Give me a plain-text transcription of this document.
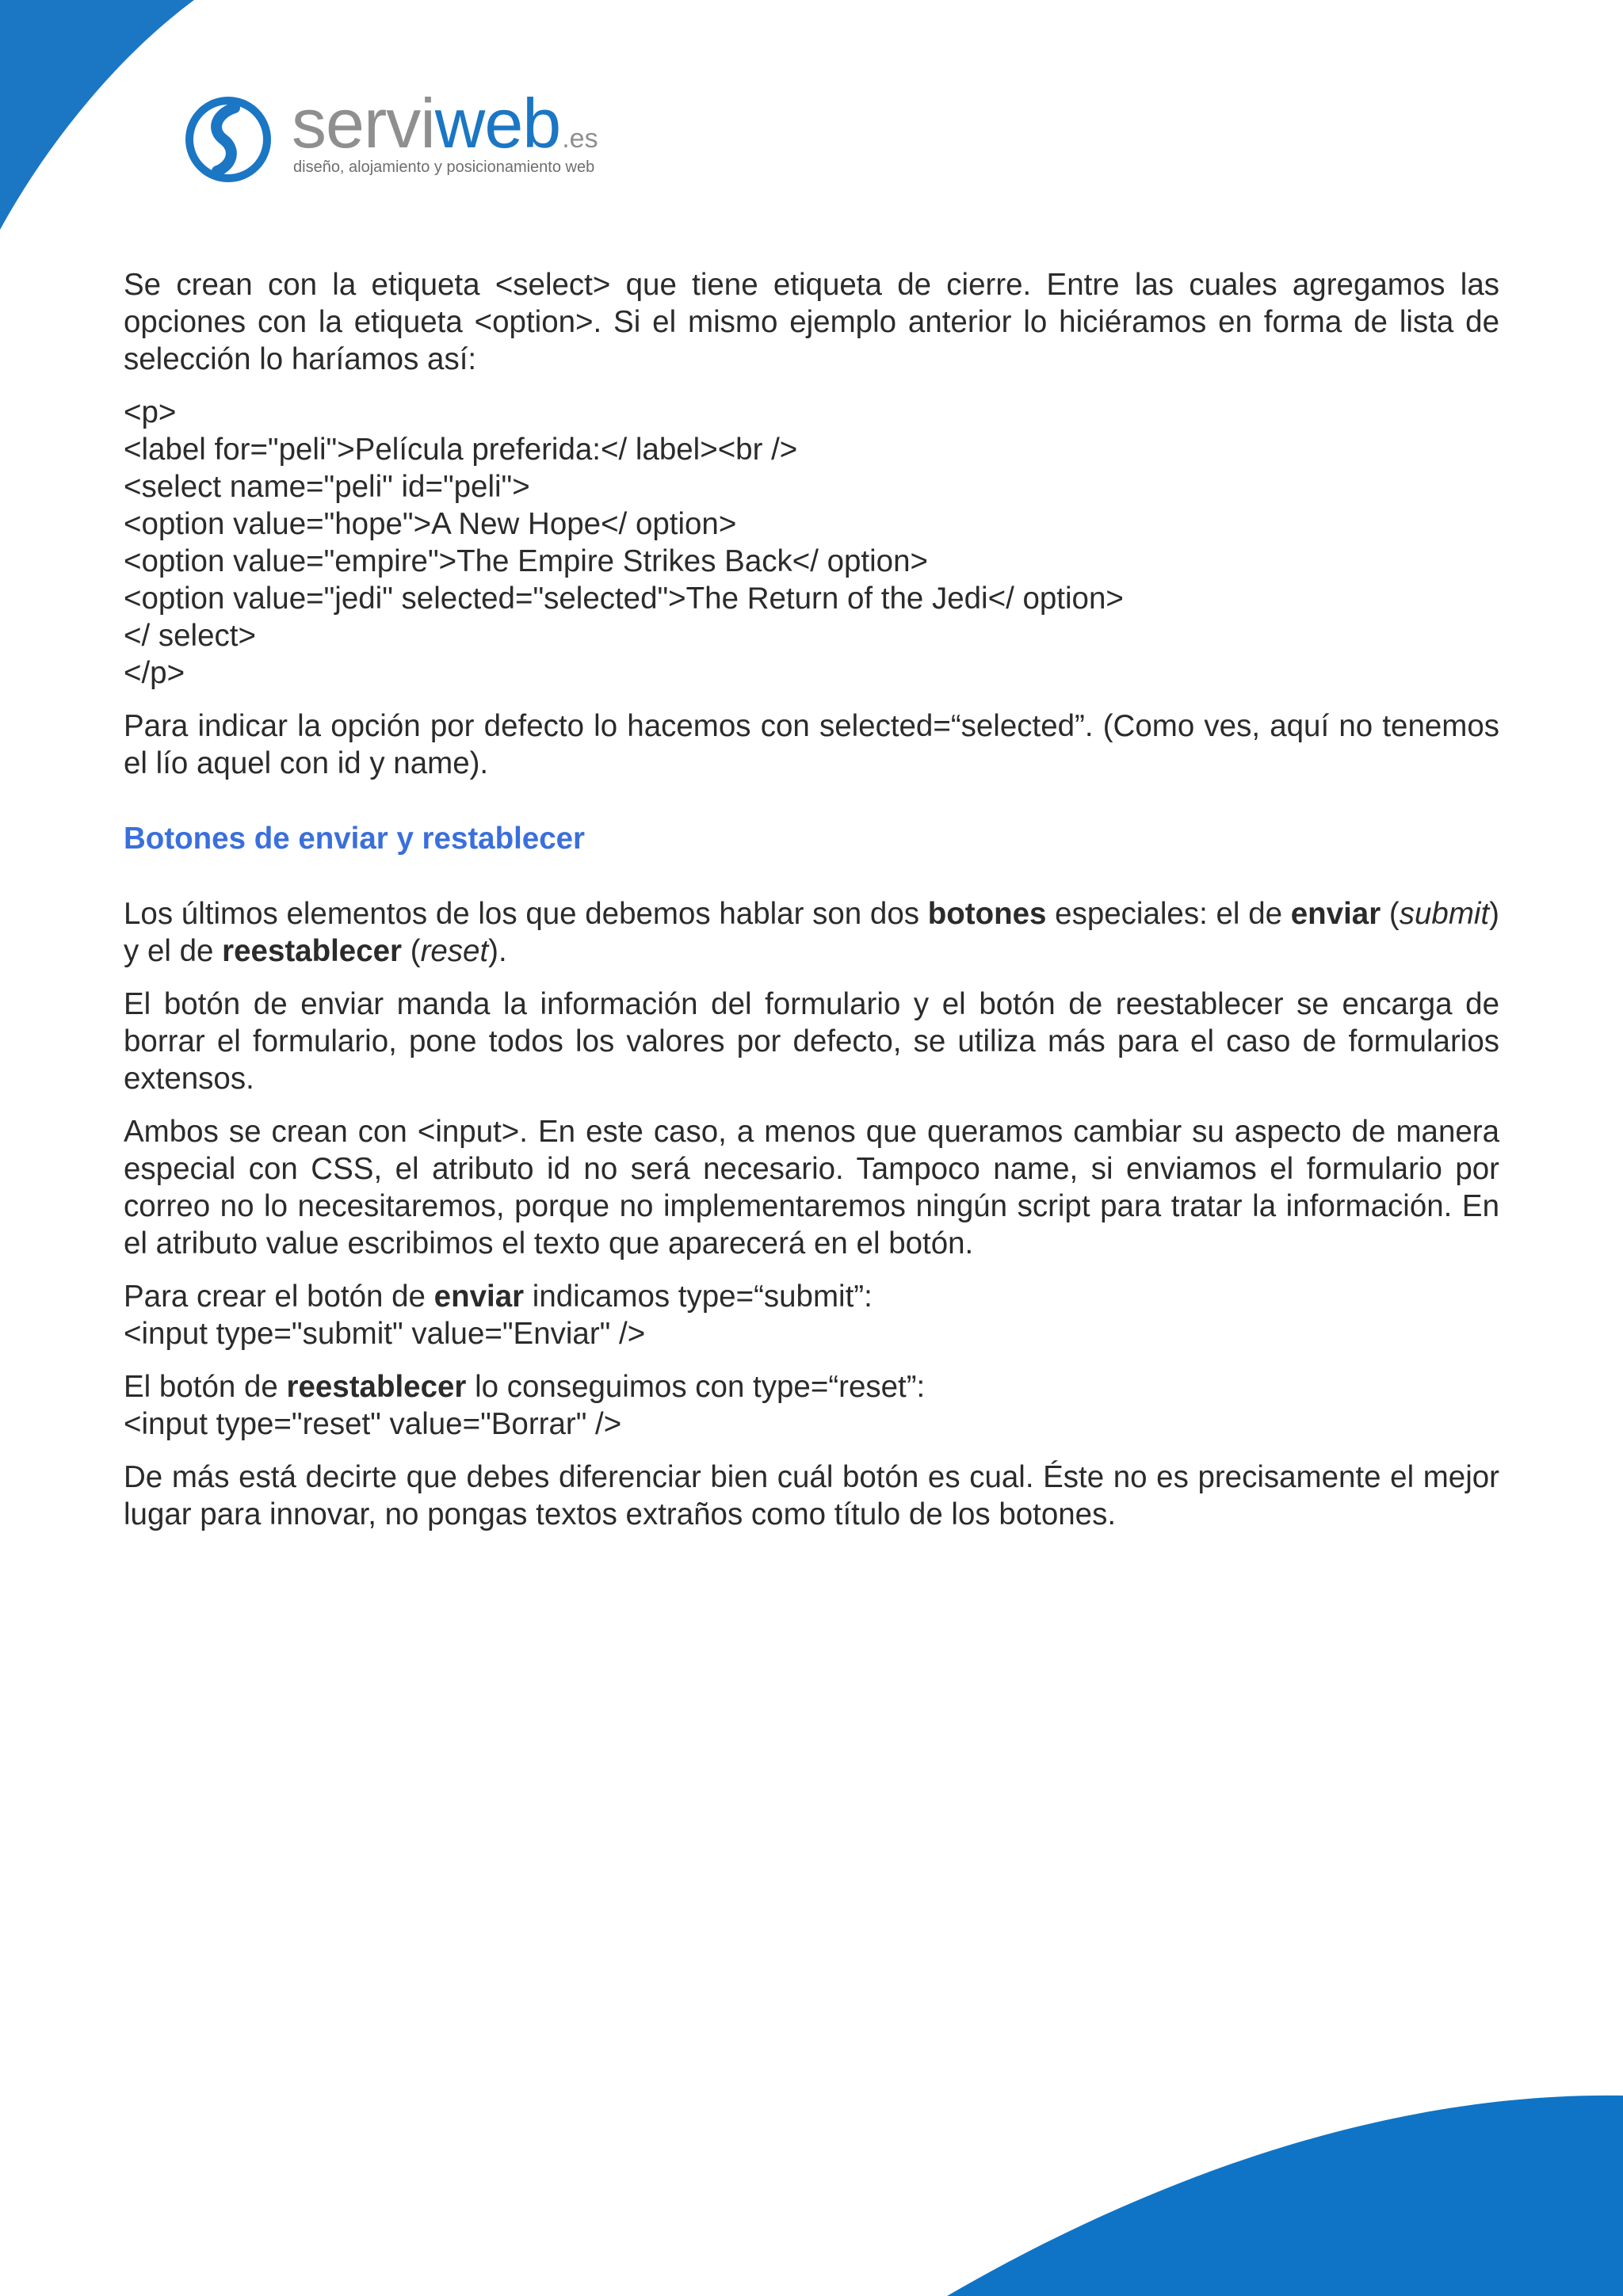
serviweb.es
diseño, alojamiento y posicionamiento web

Se crean con la etiqueta <select> que tiene etiqueta de cierre. Entre las cuales agregamos las opciones con la etiqueta <option>. Si el mismo ejemplo anterior lo hiciéramos en forma de lista de selección lo haríamos así:

<p>
<label for="peli">Película preferida:</ label><br />
<select name="peli" id="peli">
<option value="hope">A New Hope</ option>
<option value="empire">The Empire Strikes Back</ option>
<option value="jedi" selected="selected">The Return of the Jedi</ option>
</ select>
</p>

Para indicar la opción por defecto lo hacemos con selected=“selected”. (Como ves, aquí no tenemos el lío aquel con id y name).

Botones de enviar y restablecer

Los últimos elementos de los que debemos hablar son dos botones especiales: el de enviar (submit) y el de reestablecer (reset).

El botón de enviar manda la información del formulario y el botón de reestablecer se encarga de borrar el formulario, pone todos los valores por defecto, se utiliza más para el caso de formularios extensos.

Ambos se crean con <input>. En este caso, a menos que queramos cambiar su aspecto de manera especial con CSS, el atributo id no será necesario. Tampoco name, si enviamos el formulario por correo no lo necesitaremos, porque no implementaremos ningún script para tratar la información. En el atributo value escribimos el texto que aparecerá en el botón.

Para crear el botón de enviar indicamos type=“submit”:
<input type="submit" value="Enviar" />

El botón de reestablecer lo conseguimos con type=“reset”:
<input type="reset" value="Borrar" />

De más está decirte que debes diferenciar bien cuál botón es cual. Éste no es precisamente el mejor lugar para innovar, no pongas textos extraños como título de los botones.
